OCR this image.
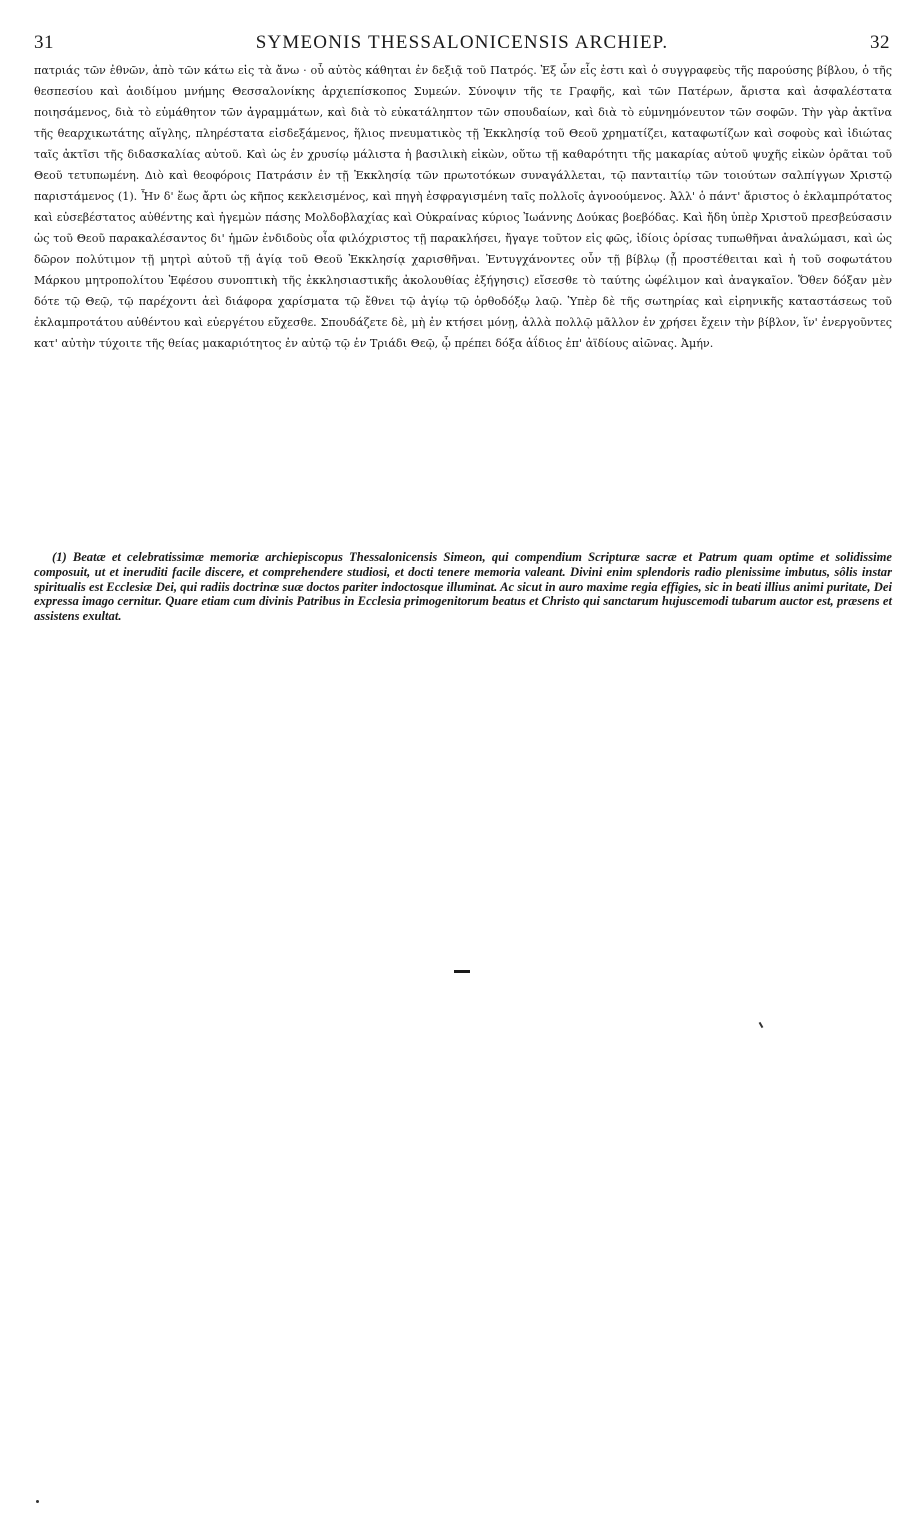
31	SYMEONIS THESSALONICENSIS ARCHIEP.	32

πατριάς τῶν ἐθνῶν, ἀπὸ τῶν κάτω εἰς τὰ ἄνω · οὗ αὐτὸς κάθηται ἐν δεξιᾷ τοῦ Πατρός. Ἐξ ὧν εἷς ἐστι καὶ ὁ συγγραφεὺς τῆς παρούσης βίβλου, ὁ τῆς θεσπεσίου καὶ ἀοιδίμου μνήμης Θεσσαλονίκης ἀρχιεπίσκοπος Συμεών. Σύνοψιν τῆς τε Γραφῆς, καὶ τῶν Πατέρων, ἄριστα καὶ ἀσφαλέστατα ποιησάμενος, διὰ τὸ εὐμάθητον τῶν ἀγραμμάτων, καὶ διὰ τὸ εὐκατάληπτον τῶν σπουδαίων, καὶ διὰ τὸ εὐμνημόνευτον τῶν σοφῶν. Τὴν γὰρ ἀκτῖνα τῆς θεαρχικωτάτης αἴγλης, πληρέστατα εἰσδεξάμενος, ἥλιος πνευματικὸς τῇ Ἐκκλησίᾳ τοῦ Θεοῦ χρηματίζει, καταφωτίζων καὶ σοφοὺς καὶ ἰδιώτας ταῖς ἀκτῖσι τῆς διδασκαλίας αὐτοῦ. Καὶ ὡς ἐν χρυσίῳ μάλιστα ἡ βασιλικὴ εἰκὼν, οὕτω τῇ καθαρότητι τῆς μακαρίας αὐτοῦ ψυχῆς εἰκὼν ὁρᾶται τοῦ Θεοῦ τετυπωμένη. Διὸ καὶ θεοφόροις Πατράσιν ἐν τῇ Ἐκκλησίᾳ τῶν πρωτοτόκων συναγάλλεται, τῷ πανταιτίῳ τῶν τοιούτων σαλπίγγων Χριστῷ παριστάμενος (1). Ἦν δ' ἕως ἄρτι ὡς κῆπος κεκλεισμένος, καὶ πηγὴ ἐσφραγισμένη ταῖς πολλοῖς ἀγνοούμενος. Ἀλλ' ὁ πάντ' ἄριστος ὁ ἐκλαμπρότατος καὶ εὐσεβέστατος αὐθέντης καὶ ἡγεμὼν πάσης Μολδοβλαχίας καὶ Οὐκραίνας κύριος Ἰωάννης Δούκας βοεβόδας. Καὶ ἤδη ὑπὲρ Χριστοῦ πρεσβεύσασιν ὡς τοῦ Θεοῦ παρακαλέσαντος δι' ἡμῶν ἐνδιδοὺς οἷα φιλόχριστος τῇ παρακλήσει, ἤγαγε τοῦτον εἰς φῶς, ἰδίοις ὁρίσας τυπωθῆναι ἀναλώμασι, καὶ ὡς δῶρον πολύτιμον τῇ μητρὶ αὐτοῦ τῇ ἁγίᾳ τοῦ Θεοῦ Ἐκκλησίᾳ χαρισθῆναι. Ἐντυγχάνοντες οὖν τῇ βίβλῳ (ᾗ προστέθειται καὶ ἡ τοῦ σοφωτάτου Μάρκου μητροπολίτου Ἐφέσου συνοπτικὴ τῆς ἐκκλησιαστικῆς ἀκολουθίας ἐξήγησις) εἴσεσθε τὸ ταύτης ὠφέλιμον καὶ ἀναγκαῖον. Ὅθεν δόξαν μὲν δότε τῷ Θεῷ, τῷ παρέχοντι ἀεὶ διάφορα χαρίσματα τῷ ἔθνει τῷ ἁγίῳ τῷ ὀρθοδόξῳ λαῷ. Ὑπὲρ δὲ τῆς σωτηρίας καὶ εἰρηνικῆς καταστάσεως τοῦ ἐκλαμπροτάτου αὐθέντου καὶ εὐεργέτου εὔχεσθε. Σπουδάζετε δὲ, μὴ ἐν κτήσει μόνῃ, ἀλλὰ πολλῷ μᾶλλον ἐν χρήσει ἔχειν τὴν βίβλον, ἵν' ἐνεργοῦντες κατ' αὐτὴν τύχοιτε τῆς θείας μακαριότητος ἐν αὐτῷ τῷ ἐν Τριάδι Θεῷ, ᾧ πρέπει δόξα ἀΐδιος ἐπ' ἀϊδίους αἰῶνας. Ἀμήν.

(1) Beatæ et celebratissimæ memoriæ archiepiscopus Thessalonicensis Simeon, qui compendium Scripturæ sacræ et Patrum quam optime et solidissime composuit, ut et ineruditi facile discere, et comprehendere studiosi, et docti tenere memoria valeant. Divini enim splendoris radio plenissime imbutus, sôlis instar spiritualis est Ecclesiæ Dei, qui radiis doctrinæ suæ doctos pariter indoctosque illuminat. Ac sicut in auro maxime regia effigies, sic in beati illius animi puritate, Dei expressa imago cernitur. Quare etiam cum divinis Patribus in Ecclesia primogenitorum beatus et Christo qui sanctarum hujuscemodi tubarum auctor est, præsens et assistens exultat.
